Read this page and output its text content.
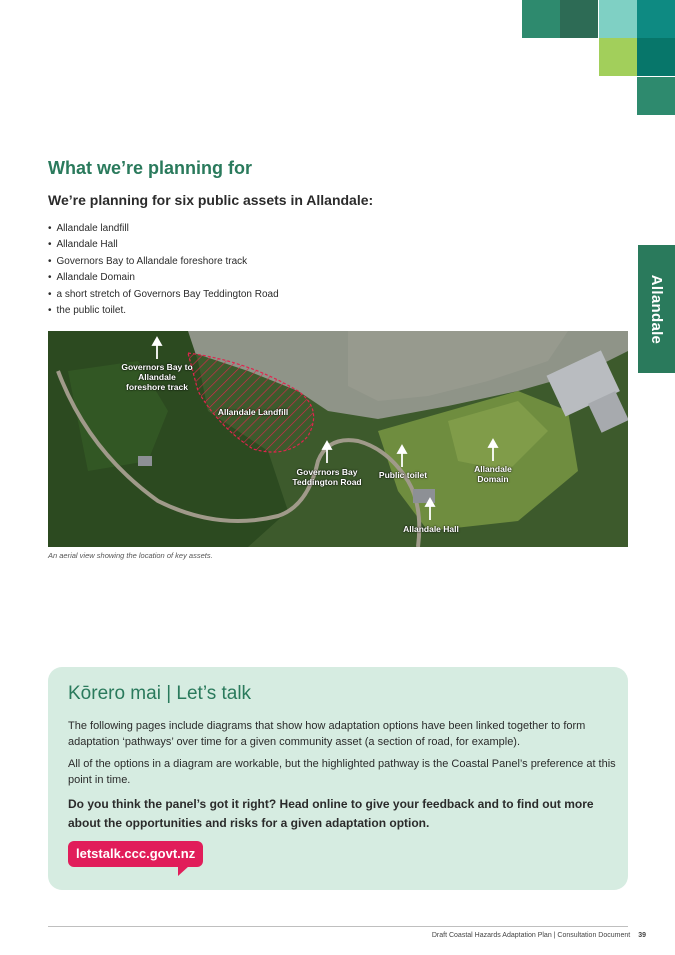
Allandale
What we’re planning for
We’re planning for six public assets in Allandale:
• Allandale landfill
• Allandale Hall
• Governors Bay to Allandale foreshore track
• Allandale Domain
• a short stretch of Governors Bay Teddington Road
• the public toilet.
Governors Bay to Allandale foreshore track
Allandale Landfill
Governors Bay Teddington Road
Public toilet
Allandale Domain
Allandale Hall

An aerial view showing the location of key assets.

Kōrero mai | Let’s talk

The following pages include diagrams that show how adaptation options have been linked together to form adaptation ‘pathways’ over time for a given community asset (a section of road, for example).

All of the options in a diagram are workable, but the highlighted pathway is the Coastal Panel’s preference at this point in time.

Do you think the panel’s got it right? Head online to give your feedback and to find out more about the opportunities and risks for a given adaptation option.

letstalk.ccc.govt.nz
Draft Coastal Hazards Adaptation Plan | Consultation Document 39
